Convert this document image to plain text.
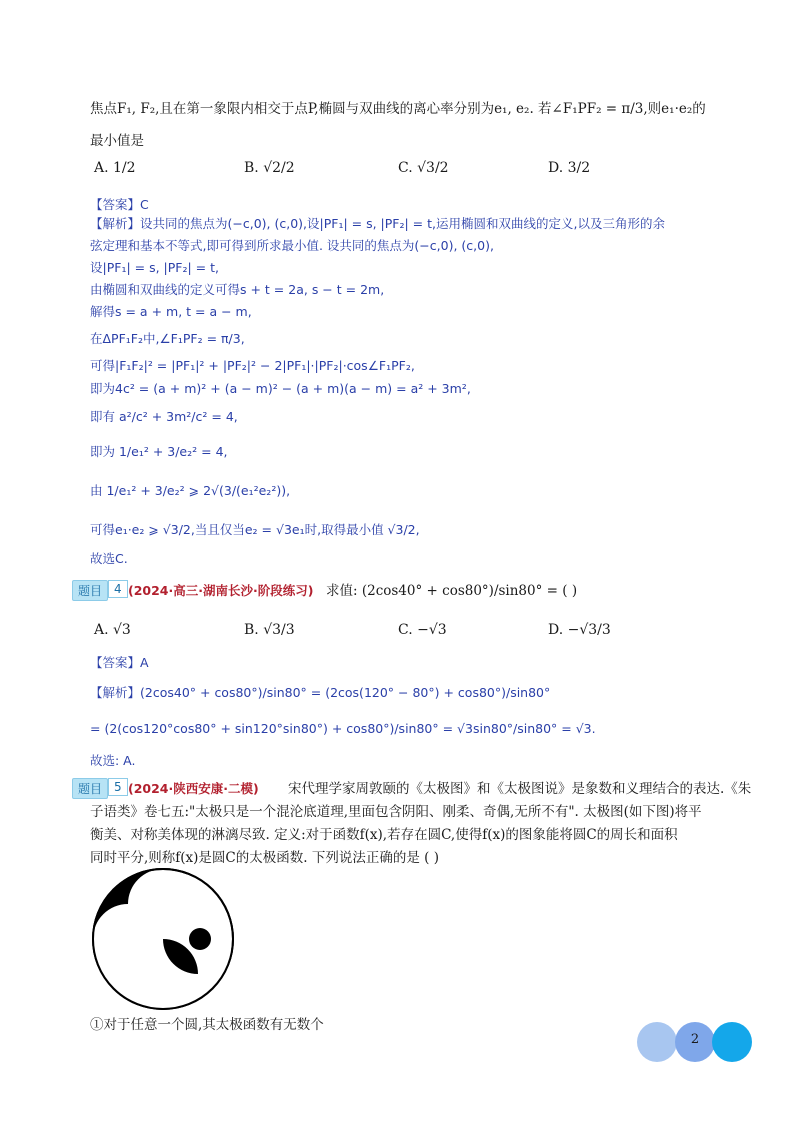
焦点F₁, F₂,且在第一象限内相交于点P,椭圆与双曲线的离心率分别为e₁, e₂. 若∠F₁PF₂ = π/3,则e₁·e₂的
最小值是
A. 1/2	B. √2/2	C. √3/2	D. 3/2
【答案】C
【解析】设共同的焦点为(−c,0), (c,0),设|PF₁| = s, |PF₂| = t,运用椭圆和双曲线的定义,以及三角形的余
弦定理和基本不等式,即可得到所求最小值. 设共同的焦点为(−c,0), (c,0),
设|PF₁| = s, |PF₂| = t,
由椭圆和双曲线的定义可得s + t = 2a, s − t = 2m,
解得s = a + m, t = a − m,
在ΔPF₁F₂中,∠F₁PF₂ = π/3,
可得|F₁F₂|² = |PF₁|² + |PF₂|² − 2|PF₁|·|PF₂|·cos∠F₁PF₂,
即为4c² = (a + m)² + (a − m)² − (a + m)(a − m) = a² + 3m²,
即有 a²/c² + 3m²/c² = 4,
即为 1/e₁² + 3/e₂² = 4,
由 1/e₁² + 3/e₂² ⩾ 2√(3/(e₁²e₂²)),
可得e₁·e₂ ⩾ √3/2,当且仅当e₂ = √3e₁时,取得最小值 √3/2,
故选C.
题目 4 (2024·高三·湖南长沙·阶段练习) 求值: (2cos40° + cos80°)/sin80° = ( )
A. √3	B. √3/3	C. −√3	D. −√3/3
【答案】A
【解析】(2cos40° + cos80°)/sin80° = (2cos(120° − 80°) + cos80°)/sin80°
= (2(cos120°cos80° + sin120°sin80°) + cos80°)/sin80° = √3sin80°/sin80° = √3.
故选: A.
题目 5 (2024·陕西安康·二模) 宋代理学家周敦颐的《太极图》和《太极图说》是象数和义理结合的表达.《朱
子语类》卷七五:"太极只是一个混沦底道理,里面包含阴阳、刚柔、奇偶,无所不有". 太极图(如下图)将平
衡美、对称美体现的淋漓尽致. 定义:对于函数f(x),若存在圆C,使得f(x)的图象能将圆C的周长和面积
同时平分,则称f(x)是圆C的太极函数. 下列说法正确的是 ( )
①对于任意一个圆,其太极函数有无数个
2
